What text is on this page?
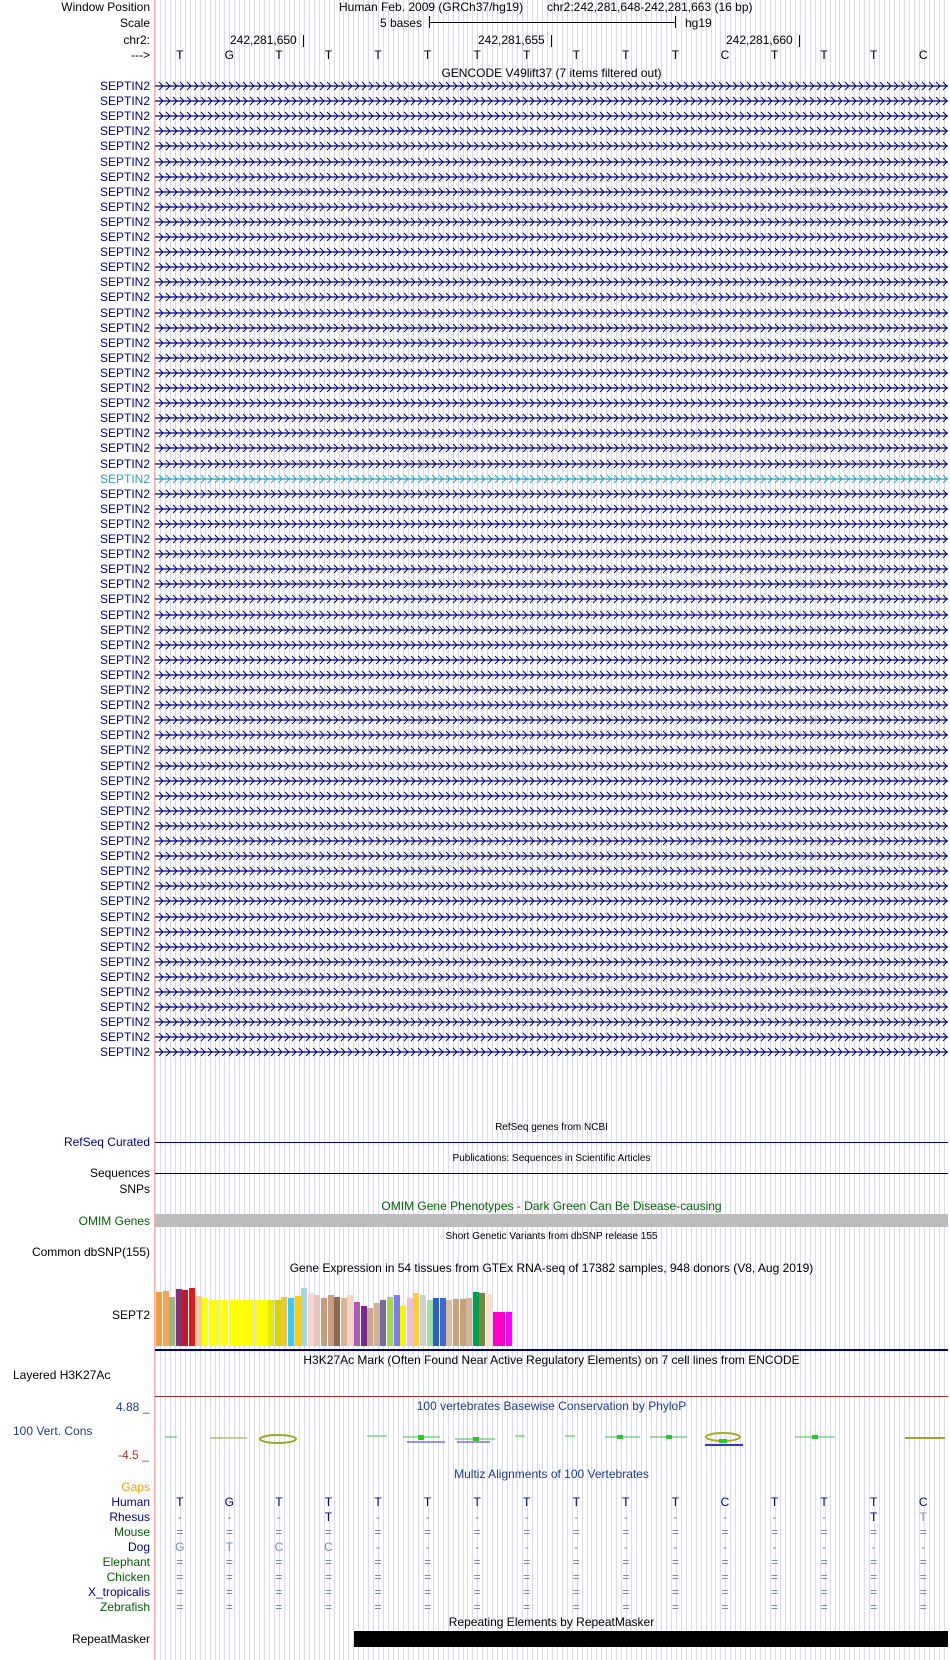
Window Position
Scale
chr2:
--->
Human Feb. 2009 (GRCh37/hg19) chr2:242,281,648-242,281,663 (16 bp)
5 bases	hg19
242,281,650	242,281,655	242,281,660
T	G	T	T	T	T	T	T	T	T	T	C	T	T	T	C
GENCODE V49lift37 (7 items filtered out)
SEPTIN2
SEPTIN2
SEPTIN2
SEPTIN2
SEPTIN2
SEPTIN2
SEPTIN2
SEPTIN2
SEPTIN2
SEPTIN2
SEPTIN2
SEPTIN2
SEPTIN2
SEPTIN2
SEPTIN2
SEPTIN2
SEPTIN2
SEPTIN2
SEPTIN2
SEPTIN2
SEPTIN2
SEPTIN2
SEPTIN2
SEPTIN2
SEPTIN2
SEPTIN2
SEPTIN2
SEPTIN2
SEPTIN2
SEPTIN2
SEPTIN2
SEPTIN2
SEPTIN2
SEPTIN2
SEPTIN2
SEPTIN2
SEPTIN2
SEPTIN2
SEPTIN2
SEPTIN2
SEPTIN2
SEPTIN2
SEPTIN2
SEPTIN2
SEPTIN2
SEPTIN2
SEPTIN2
SEPTIN2
SEPTIN2
SEPTIN2
SEPTIN2
SEPTIN2
SEPTIN2
SEPTIN2
SEPTIN2
SEPTIN2
SEPTIN2
SEPTIN2
SEPTIN2
SEPTIN2
SEPTIN2
SEPTIN2
SEPTIN2
SEPTIN2
SEPTIN2
RefSeq genes from NCBI
RefSeq Curated
Publications: Sequences in Scientific Articles
Sequences
SNPs
OMIM Gene Phenotypes - Dark Green Can Be Disease-causing
OMIM Genes
Short Genetic Variants from dbSNP release 155
Common dbSNP(155)
Gene Expression in 54 tissues from GTEx RNA-seq of 17382 samples, 948 donors (V8, Aug 2019)
SEPT2
H3K27Ac Mark (Often Found Near Active Regulatory Elements) on 7 cell lines from ENCODE
Layered H3K27Ac
100 vertebrates Basewise Conservation by PhyloP
4.88 _
100 Vert. Cons
-4.5 _
Multiz Alignments of 100 Vertebrates
Gaps
Human	T	G	T	T	T	T	T	T	T	T	T	C	T	T	T	C
Rhesus	-	-	-	T	-	-	-	-	-	-	-	-	-	-	T	T
Mouse	=	=	=	=	=	=	=	=	=	=	=	=	=	=	=	=
Dog	G	T	C	C	-	-	-	-	-	-	-	-	-	-	-	-
Elephant	=	=	=	=	=	=	=	=	=	=	=	=	=	=	=	=
Chicken	=	=	=	=	=	=	=	=	=	=	=	=	=	=	=	=
X_tropicalis	=	=	=	=	=	=	=	=	=	=	=	=	=	=	=	=
Zebrafish	=	=	=	=	=	=	=	=	=	=	=	=	=	=	=	=
Repeating Elements by RepeatMasker
RepeatMasker
